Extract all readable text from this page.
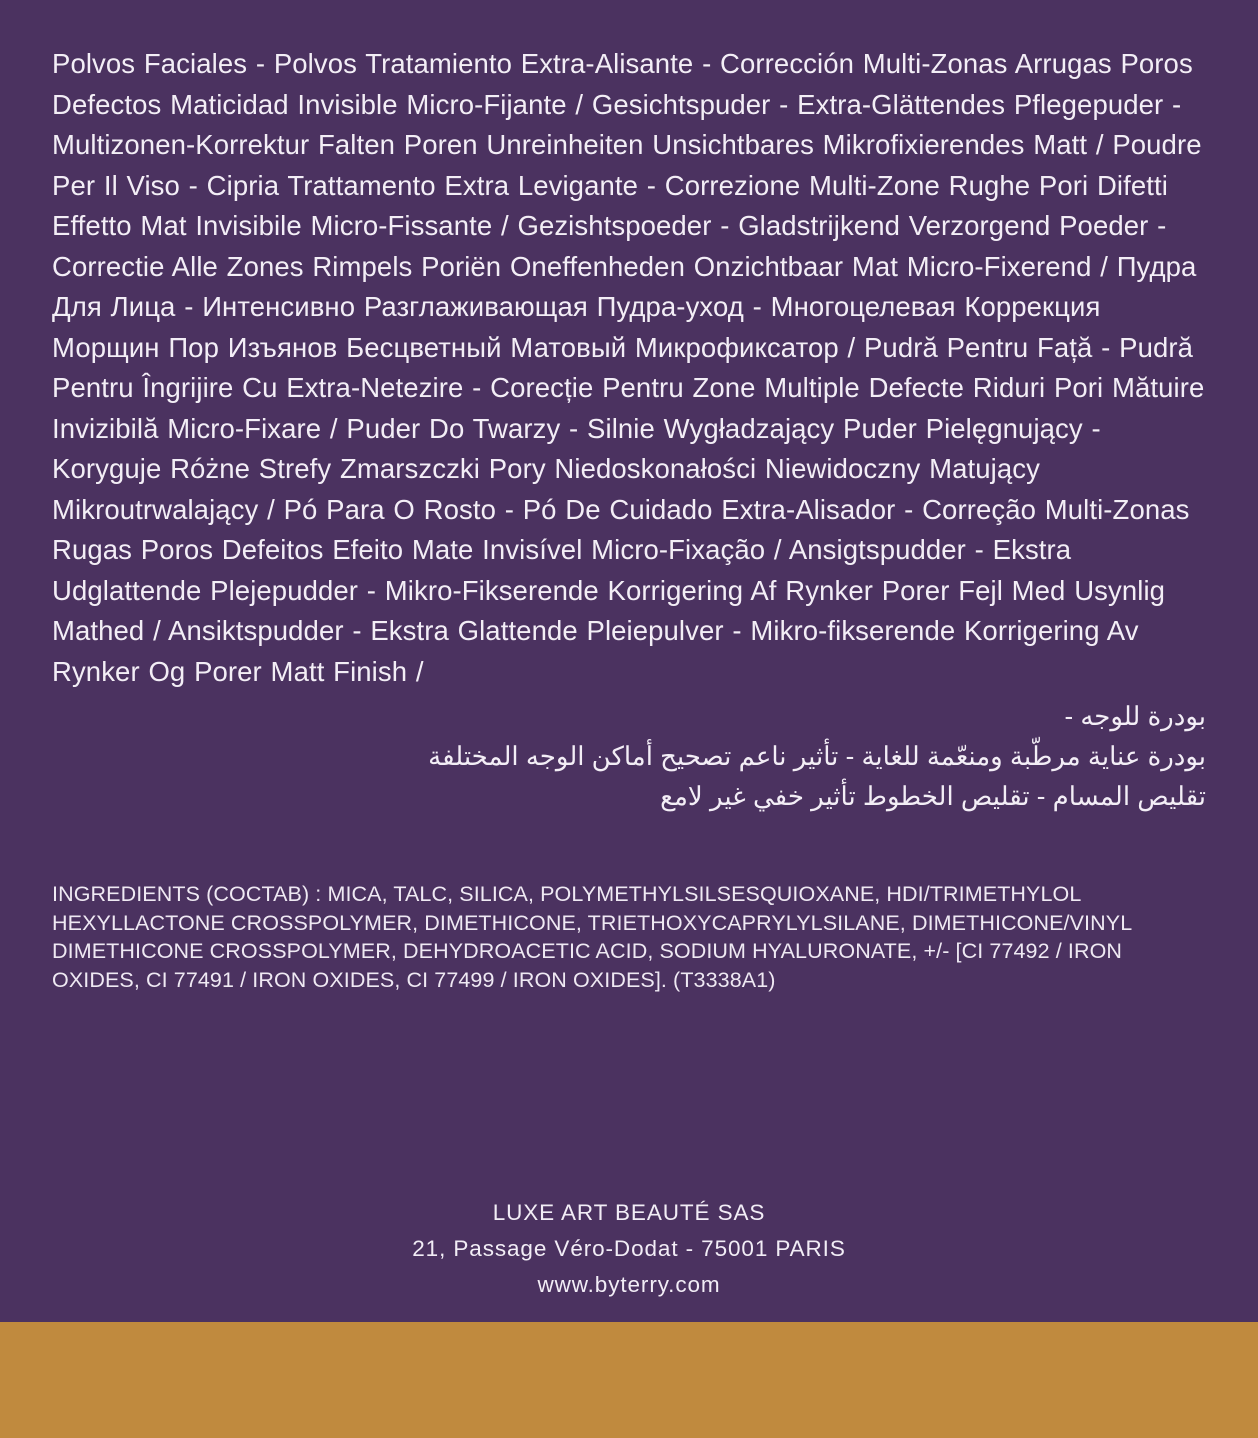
Polvos Faciales - Polvos Tratamiento Extra-Alisante - Corrección Multi-Zonas Arrugas Poros Defectos Maticidad Invisible Micro-Fijante / Gesichtspuder - Extra-Glättendes Pflegepuder - Multizonen-Korrektur Falten Poren Unreinheiten Unsichtbares Mikrofixierendes Matt / Poudre Per Il Viso - Cipria Trattamento Extra Levigante - Correzione Multi-Zone Rughe Pori Difetti Effetto Mat Invisibile Micro-Fissante / Gezishtspoeder - Gladstrijkend Verzorgend Poeder - Correctie Alle Zones Rimpels Poriën Oneffenheden Onzichtbaar Mat Micro-Fixerend / Пудра Для Лица - Интенсивно Разглаживающая Пудра-уход - Многоцелевая Коррекция Морщин Пор Изъянов Бесцветный Матовый Микрофиксатор / Pudră Pentru Față - Pudră Pentru Îngrijire Cu Extra-Netezire - Corecție Pentru Zone Multiple Defecte Riduri Pori Mătuire Invizibilă Micro-Fixare / Puder Do Twarzy - Silnie Wygładzający Puder Pielęgnujący - Koryguje Różne Strefy Zmarszczki Pory Niedoskonałości Niewidoczny Matujący Mikroutrwalający / Pó Para O Rosto - Pó De Cuidado Extra-Alisador - Correção Multi-Zonas Rugas Poros Defeitos Efeito Mate Invisível Micro-Fixação / Ansigtspudder - Ekstra Udglattende Plejepudder - Mikro-Fikserende Korrigering Af Rynker Porer Fejl Med Usynlig Mathed / Ansiktspudder - Ekstra Glattende Pleiepulver - Mikro-fikserende Korrigering Av Rynker Og Porer Matt Finish /
بودرة للوجه -
بودرة عناية مرطّبة ومنعّمة للغاية - تأثير ناعم تصحيح أماكن الوجه المختلفة
تقليص المسام - تقليص الخطوط تأثير خفي غير لامع
INGREDIENTS (COCTAB) : MICA, TALC, SILICA, POLYMETHYLSILSESQUIOXANE, HDI/TRIMETHYLOL HEXYLLACTONE CROSSPOLYMER, DIMETHICONE, TRIETHOXYCAPRYLYLSILANE, DIMETHICONE/VINYL DIMETHICONE CROSSPOLYMER, DEHYDROACETIC ACID, SODIUM HYALURONATE, +/- [CI 77492 / IRON OXIDES, CI 77491 / IRON OXIDES, CI 77499 / IRON OXIDES]. (T3338A1)
LUXE ART BEAUTÉ SAS
21, Passage Véro-Dodat - 75001 PARIS
www.byterry.com
